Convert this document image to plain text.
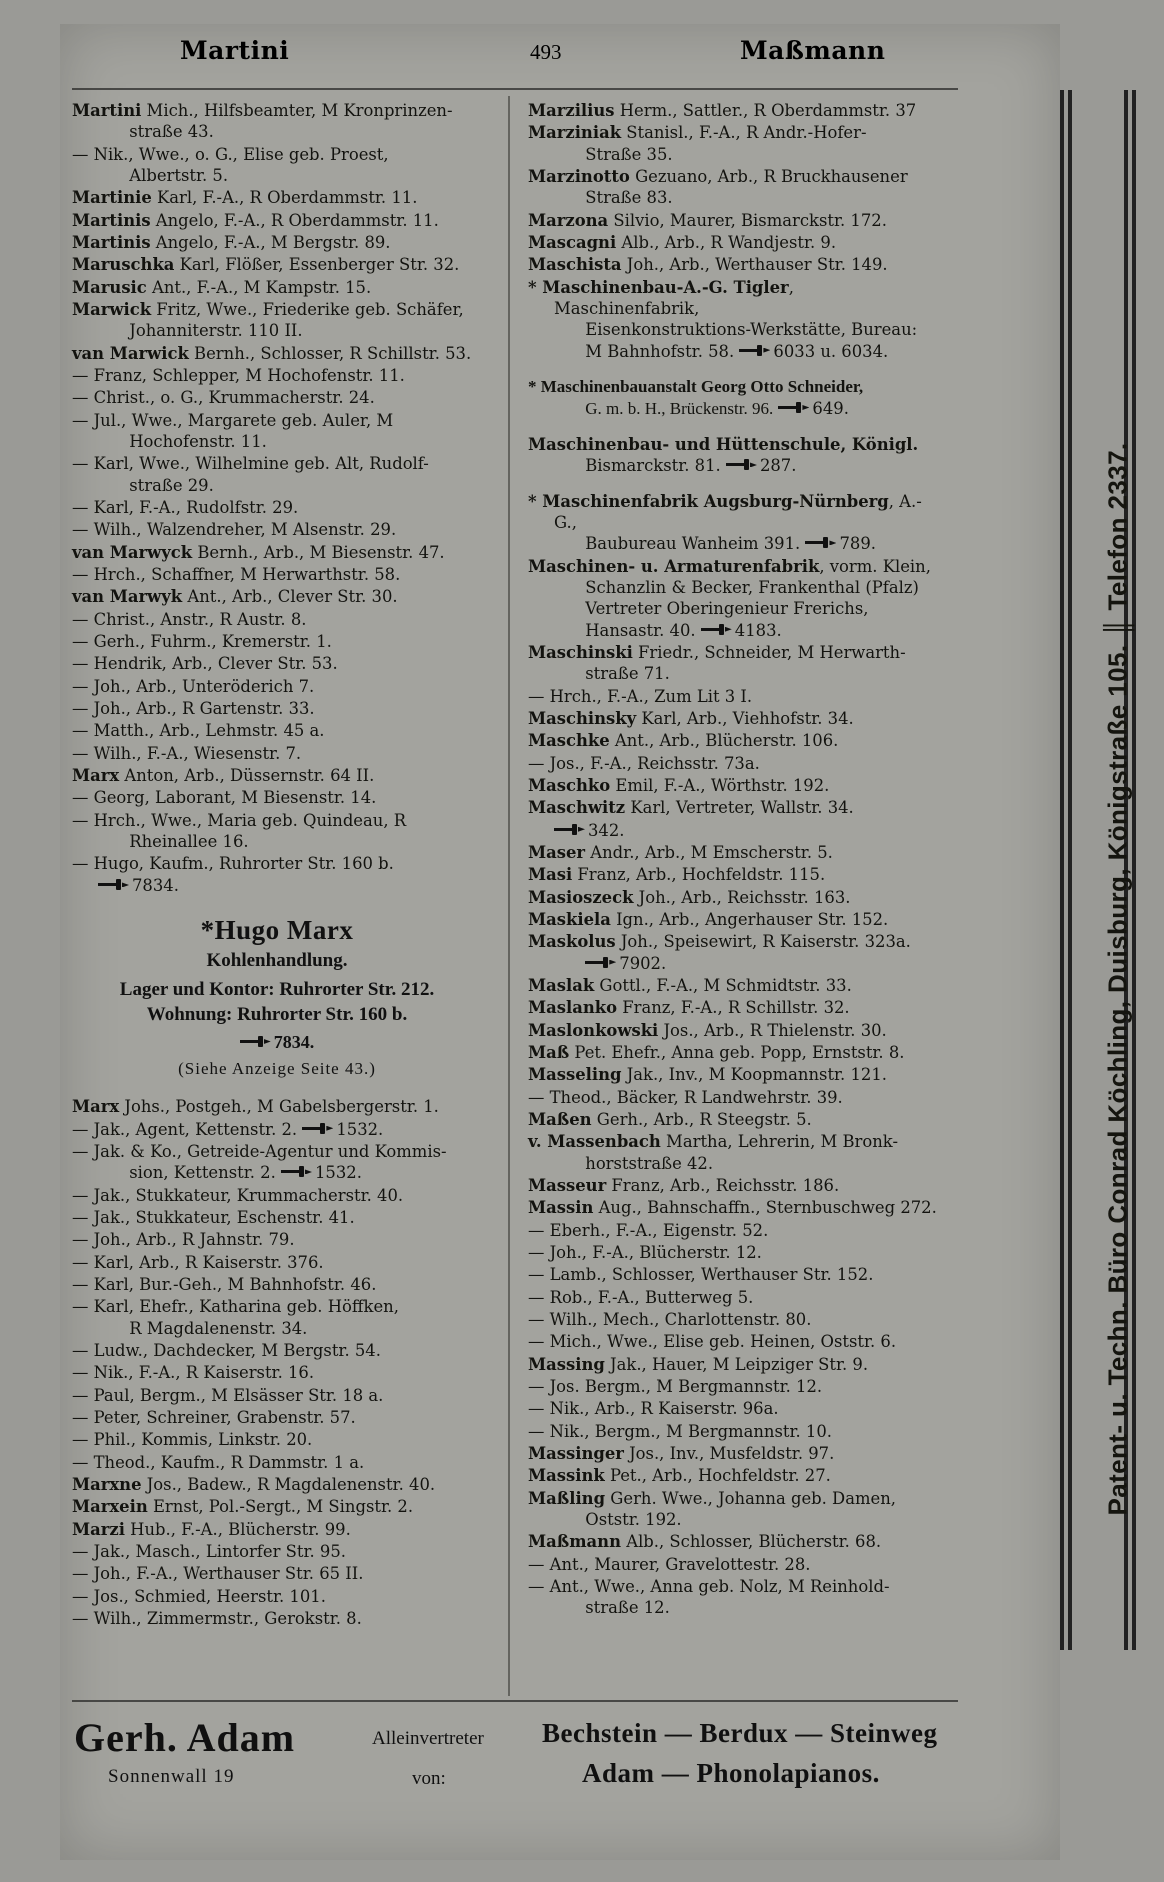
Martini	493	Maßmann
Martini Mich., Hilfsbeamter, M Kronprinzen-
straße 43.
— Nik., Wwe., o. G., Elise geb. Proest,
Albertstr. 5.
Martinie Karl, F.-A., R Oberdammstr. 11.
Martinis Angelo, F.-A., R Oberdammstr. 11.
Martinis Angelo, F.-A., M Bergstr. 89.
Maruschka Karl, Flößer, Essenberger Str. 32.
Marusic Ant., F.-A., M Kampstr. 15.
Marwick Fritz, Wwe., Friederike geb. Schäfer,
Johanniterstr. 110 II.
van Marwick Bernh., Schlosser, R Schillstr. 53.
— Franz, Schlepper, M Hochofenstr. 11.
— Christ., o. G., Krummacherstr. 24.
— Jul., Wwe., Margarete geb. Auler, M
Hochofenstr. 11.
— Karl, Wwe., Wilhelmine geb. Alt, Rudolf-
straße 29.
— Karl, F.-A., Rudolfstr. 29.
— Wilh., Walzendreher, M Alsenstr. 29.
van Marwyck Bernh., Arb., M Biesenstr. 47.
— Hrch., Schaffner, M Herwarthstr. 58.
van Marwyk Ant., Arb., Clever Str. 30.
— Christ., Anstr., R Austr. 8.
— Gerh., Fuhrm., Kremerstr. 1.
— Hendrik, Arb., Clever Str. 53.
— Joh., Arb., Unteröderich 7.
— Joh., Arb., R Gartenstr. 33.
— Matth., Arb., Lehmstr. 45 a.
— Wilh., F.-A., Wiesenstr. 7.
Marx Anton, Arb., Düssernstr. 64 II.
— Georg, Laborant, M Biesenstr. 14.
— Hrch., Wwe., Maria geb. Quindeau, R
Rheinallee 16.
— Hugo, Kaufm., Ruhrorter Str. 160 b.
7834.
*Hugo Marx
Kohlenhandlung.
Lager und Kontor: Ruhrorter Str. 212.
Wohnung: Ruhrorter Str. 160 b.
7834.
(Siehe Anzeige Seite 43.)
Marx Johs., Postgeh., M Gabelsbergerstr. 1.
— Jak., Agent, Kettenstr. 2.
1532.
— Jak. & Ko., Getreide-Agentur und Kommis-
sion, Kettenstr. 2.
1532.
— Jak., Stukkateur, Krummacherstr. 40.
— Jak., Stukkateur, Eschenstr. 41.
— Joh., Arb., R Jahnstr. 79.
— Karl, Arb., R Kaiserstr. 376.
— Karl, Bur.-Geh., M Bahnhofstr. 46.
— Karl, Ehefr., Katharina geb. Höffken,
R Magdalenenstr. 34.
— Ludw., Dachdecker, M Bergstr. 54.
— Nik., F.-A., R Kaiserstr. 16.
— Paul, Bergm., M Elsässer Str. 18 a.
— Peter, Schreiner, Grabenstr. 57.
— Phil., Kommis, Linkstr. 20.
— Theod., Kaufm., R Dammstr. 1 a.
Marxne Jos., Badew., R Magdalenenstr. 40.
Marxein Ernst, Pol.-Sergt., M Singstr. 2.
Marzi Hub., F.-A., Blücherstr. 99.
— Jak., Masch., Lintorfer Str. 95.
— Joh., F.-A., Werthauser Str. 65 II.
— Jos., Schmied, Heerstr. 101.
— Wilh., Zimmermstr., Gerokstr. 8.
Marzilius Herm., Sattler., R Oberdammstr. 37
Marziniak Stanisl., F.-A., R Andr.-Hofer-
Straße 35.
Marzinotto Gezuano, Arb., R Bruckhausener
Straße 83.
Marzona Silvio, Maurer, Bismarckstr. 172.
Mascagni Alb., Arb., R Wandjestr. 9.
Maschista Joh., Arb., Werthauser Str. 149.
* Maschinenbau-A.-G. Tigler, Maschinenfabrik,
Eisenkonstruktions-Werkstätte, Bureau:
M Bahnhofstr. 58.
6033 u. 6034.
* Maschinenbauanstalt Georg Otto Schneider,
G. m. b. H., Brückenstr. 96. 649.
Maschinenbau- und Hüttenschule, Königl.
Bismarckstr. 81.
287.
* Maschinenfabrik Augsburg-Nürnberg, A.-G.,
Baubureau Wanheim 391.
789.
Maschinen- u. Armaturenfabrik, vorm. Klein,
Schanzlin & Becker, Frankenthal (Pfalz)
Vertreter Oberingenieur Frerichs,
Hansastr. 40.
4183.
Maschinski Friedr., Schneider, M Herwarth-
straße 71.
— Hrch., F.-A., Zum Lit 3 I.
Maschinsky Karl, Arb., Viehhofstr. 34.
Maschke Ant., Arb., Blücherstr. 106.
— Jos., F.-A., Reichsstr. 73a.
Maschko Emil, F.-A., Wörthstr. 192.
Maschwitz Karl, Vertreter, Wallstr. 34.
342.
Maser Andr., Arb., M Emscherstr. 5.
Masi Franz, Arb., Hochfeldstr. 115.
Masioszeck Joh., Arb., Reichsstr. 163.
Maskiela Ign., Arb., Angerhauser Str. 152.
Maskolus Joh., Speisewirt, R Kaiserstr. 323a.

7902.
Maslak Gottl., F.-A., M Schmidtstr. 33.
Maslanko Franz, F.-A., R Schillstr. 32.
Maslonkowski Jos., Arb., R Thielenstr. 30.
Maß Pet. Ehefr., Anna geb. Popp, Ernststr. 8.
Masseling Jak., Inv., M Koopmannstr. 121.
— Theod., Bäcker, R Landwehrstr. 39.
Maßen Gerh., Arb., R Steegstr. 5.
v. Massenbach Martha, Lehrerin, M Bronk-
horststraße 42.
Masseur Franz, Arb., Reichsstr. 186.
Massin Aug., Bahnschaffn., Sternbuschweg 272.
— Eberh., F.-A., Eigenstr. 52.
— Joh., F.-A., Blücherstr. 12.
— Lamb., Schlosser, Werthauser Str. 152.
— Rob., F.-A., Butterweg 5.
— Wilh., Mech., Charlottenstr. 80.
— Mich., Wwe., Elise geb. Heinen, Oststr. 6.
Massing Jak., Hauer, M Leipziger Str. 9.
— Jos. Bergm., M Bergmannstr. 12.
— Nik., Arb., R Kaiserstr. 96a.
— Nik., Bergm., M Bergmannstr. 10.
Massinger Jos., Inv., Musfeldstr. 97.
Massink Pet., Arb., Hochfeldstr. 27.
Maßling Gerh. Wwe., Johanna geb. Damen,
Oststr. 192.
Maßmann Alb., Schlosser, Blücherstr. 68.
— Ant., Maurer, Gravelottestr. 28.
— Ant., Wwe., Anna geb. Nolz, M Reinhold-
straße 12.
Patent- u. Techn. Büro Conrad Köchling, Duisburg, Königstraße 105. ║ Telefon 2337.
Gerh. Adam
Sonnenwall 19
Alleinvertreter
von:
Bechstein — Berdux — Steinweg
Adam — Phonolapianos.
